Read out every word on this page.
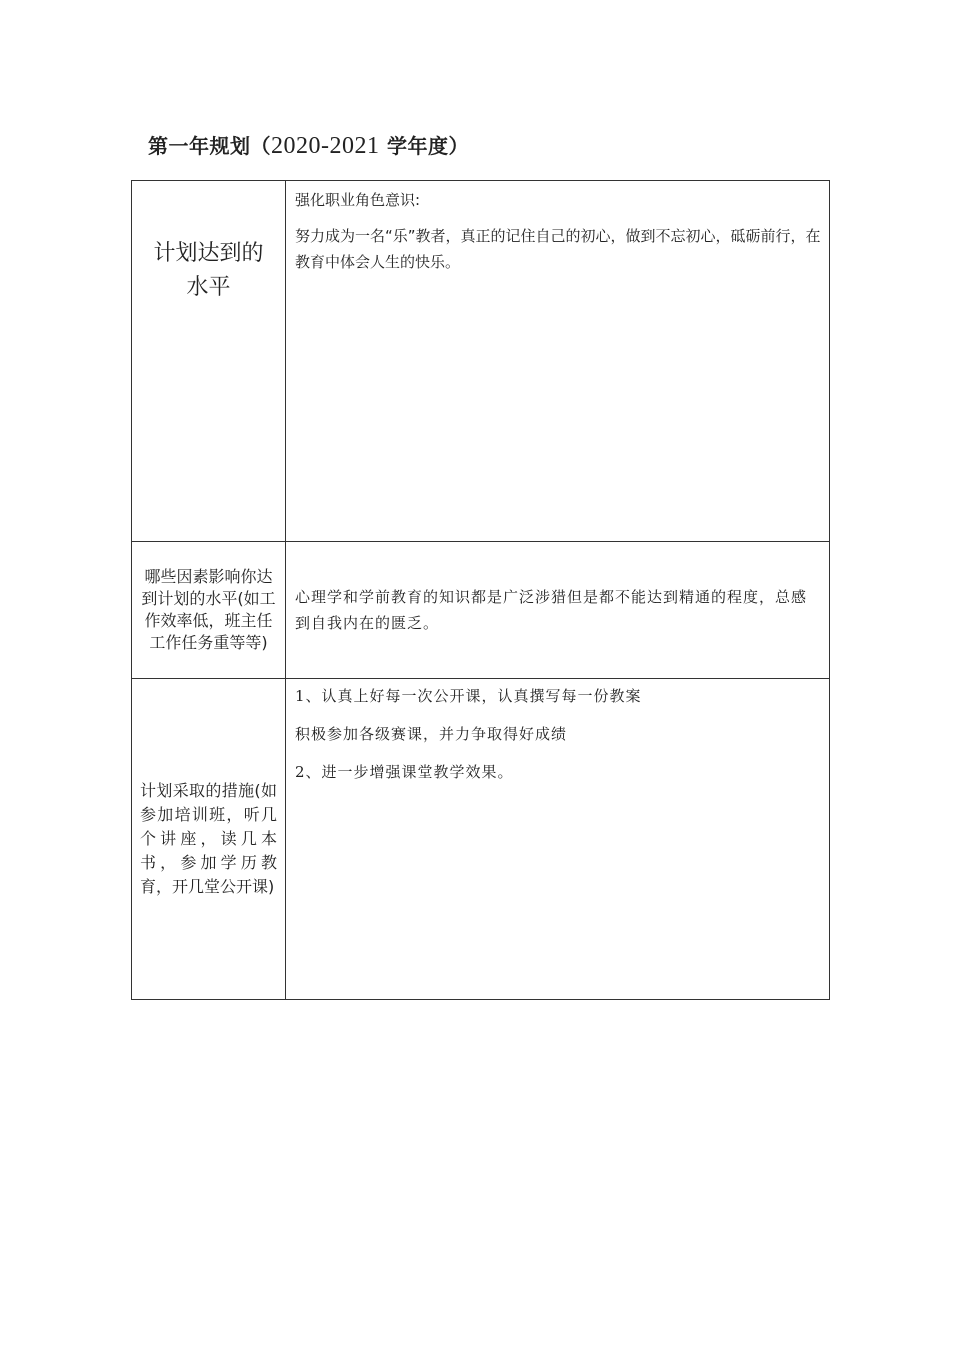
第一年规划（2020-2021 学年度）
计划达到的水平	强化职业角色意识:

努力成为一名“乐”教者，真正的记住自己的初心，做到不忘初心，砥砺前行，在教育中体会人生的快乐。

哪些因素影响你达到计划的水平(如工作效率低，班主任工作任务重等等)	心理学和学前教育的知识都是广泛涉猎但是都不能达到精通的程度，总感到自我内在的匮乏。

计划采取的措施(如参加培训班，听几个讲座，读几本书，参加学历教育，开几堂公开课)	1、认真上好每一次公开课，认真撰写每一份教案

积极参加各级赛课，并力争取得好成绩

2、进一步增强课堂教学效果。
